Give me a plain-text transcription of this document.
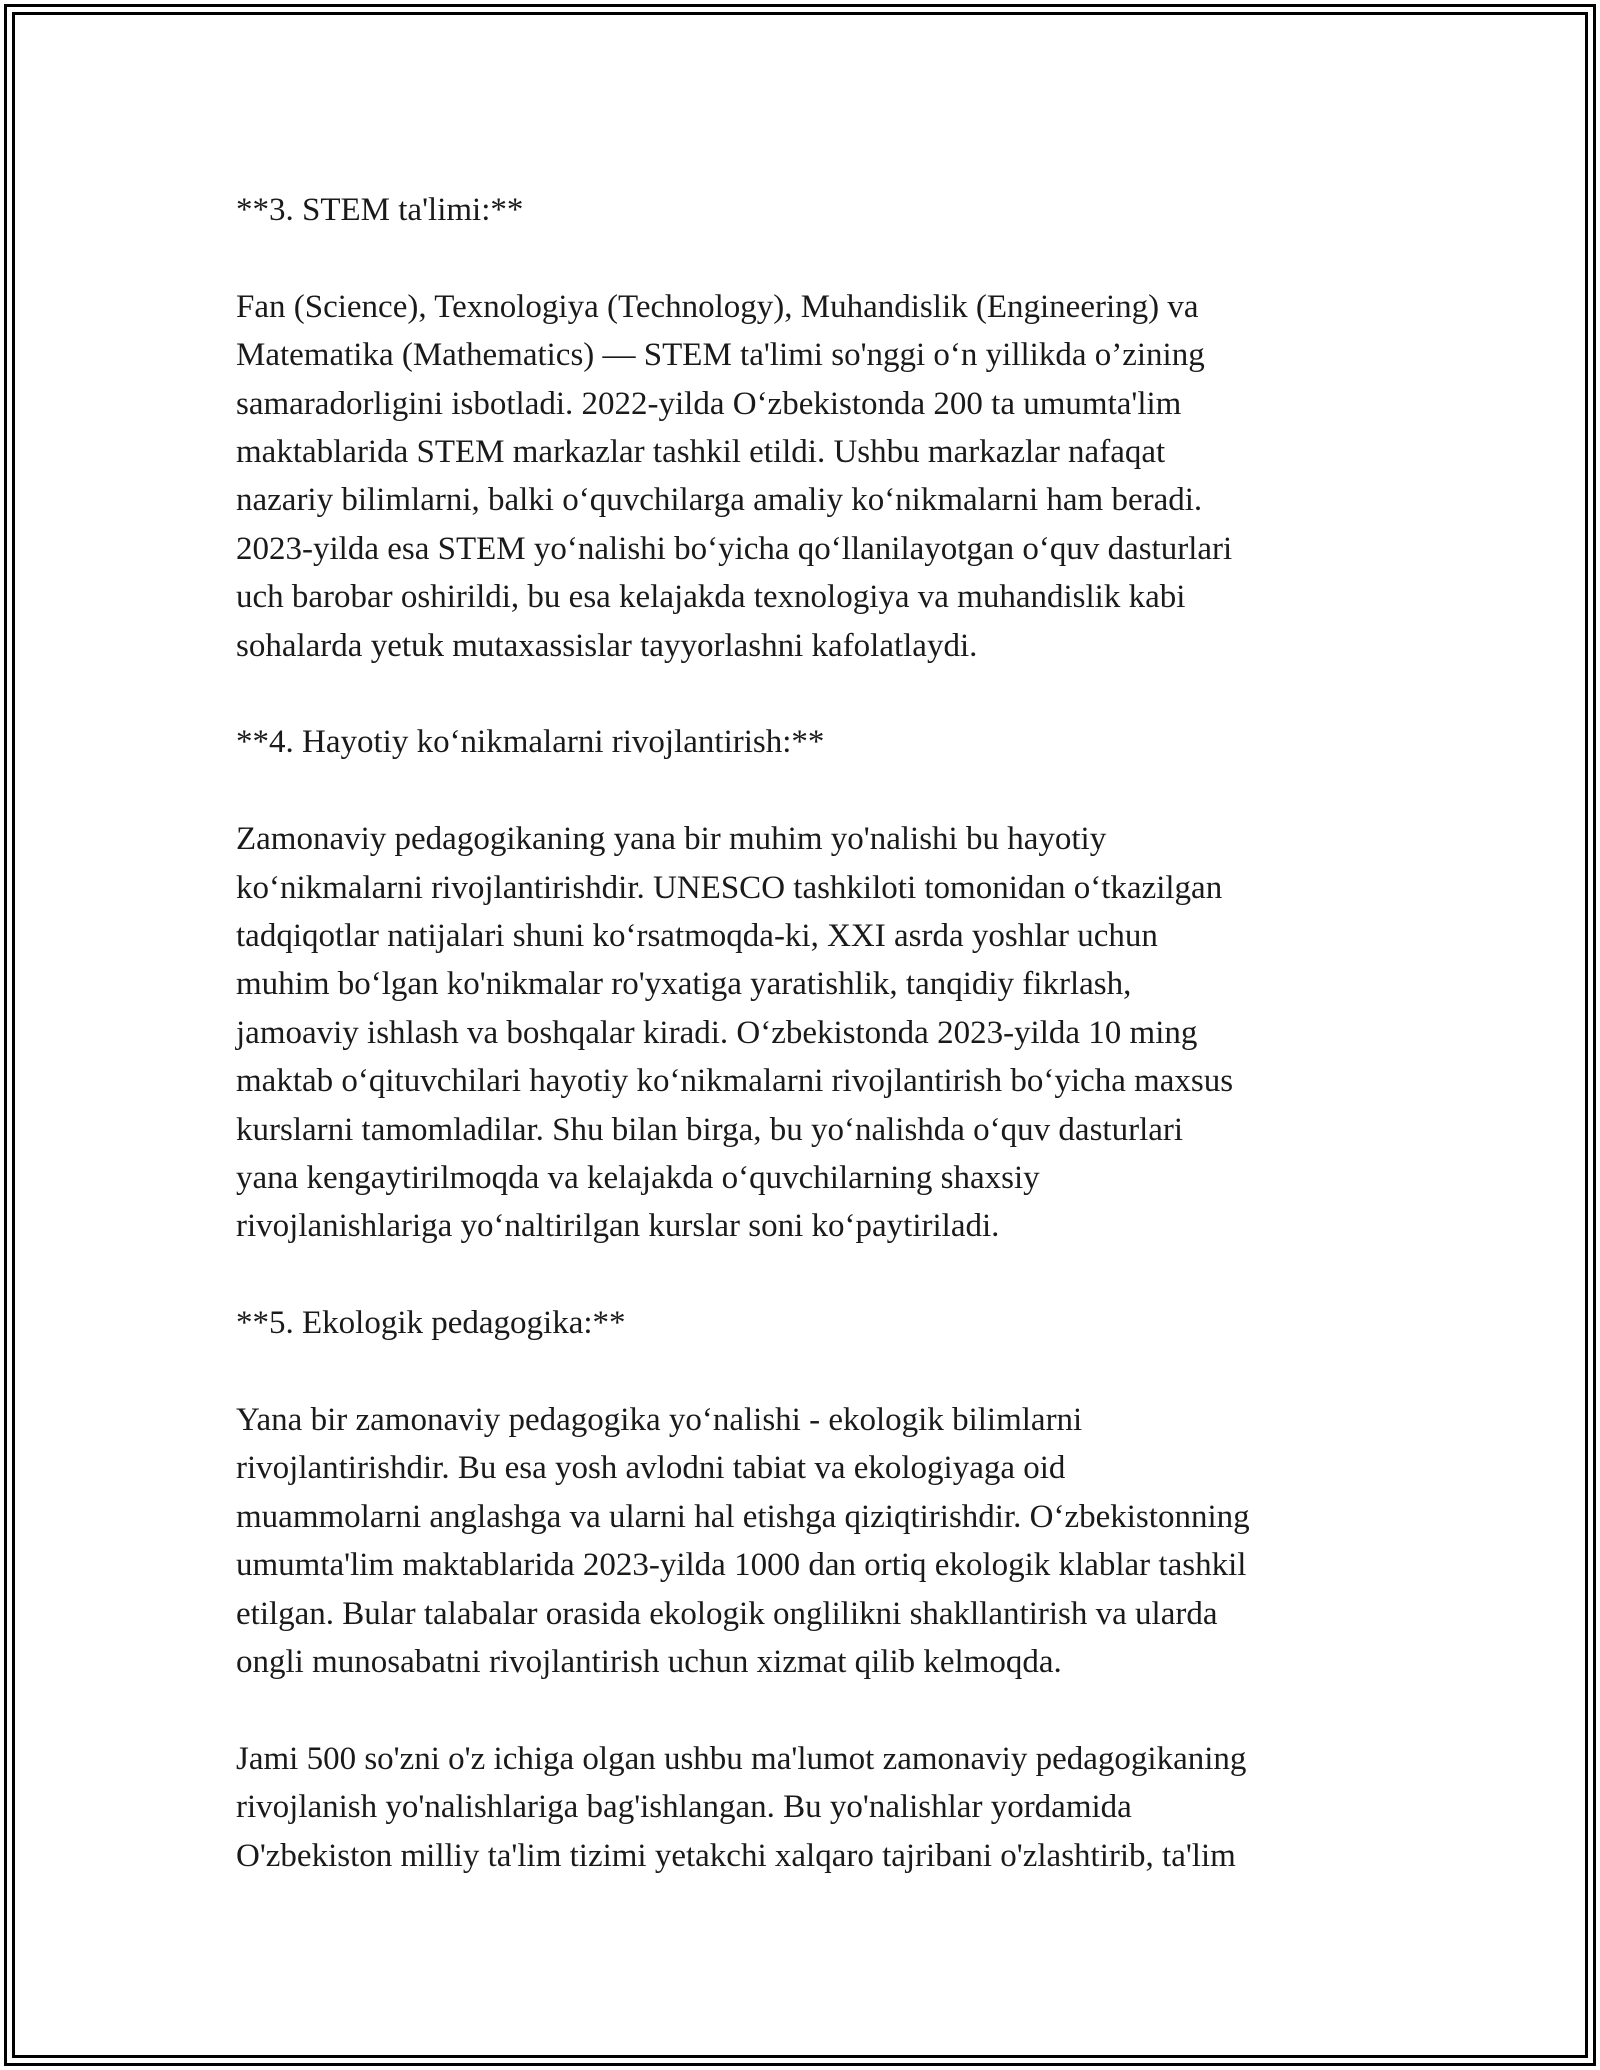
**3. STEM ta'limi:**

Fan (Science), Texnologiya (Technology), Muhandislik (Engineering) va
Matematika (Mathematics) — STEM ta'limi so'nggi o‘n yillikda o’zining
samaradorligini isbotladi. 2022-yilda O‘zbekistonda 200 ta umumta'lim
maktablarida STEM markazlar tashkil etildi. Ushbu markazlar nafaqat
nazariy bilimlarni, balki o‘quvchilarga amaliy ko‘nikmalarni ham beradi.
2023-yilda esa STEM yo‘nalishi bo‘yicha qo‘llanilayotgan o‘quv dasturlari
uch barobar oshirildi, bu esa kelajakda texnologiya va muhandislik kabi
sohalarda yetuk mutaxassislar tayyorlashni kafolatlaydi.

**4. Hayotiy ko‘nikmalarni rivojlantirish:**

Zamonaviy pedagogikaning yana bir muhim yo'nalishi bu hayotiy
ko‘nikmalarni rivojlantirishdir. UNESCO tashkiloti tomonidan o‘tkazilgan
tadqiqotlar natijalari shuni ko‘rsatmoqda-ki, XXI asrda yoshlar uchun
muhim bo‘lgan ko'nikmalar ro'yxatiga yaratishlik, tanqidiy fikrlash,
jamoaviy ishlash va boshqalar kiradi. O‘zbekistonda 2023-yilda 10 ming
maktab o‘qituvchilari hayotiy ko‘nikmalarni rivojlantirish bo‘yicha maxsus
kurslarni tamomladilar. Shu bilan birga, bu yo‘nalishda o‘quv dasturlari
yana kengaytirilmoqda va kelajakda o‘quvchilarning shaxsiy
rivojlanishlariga yo‘naltirilgan kurslar soni ko‘paytiriladi.

**5. Ekologik pedagogika:**

Yana bir zamonaviy pedagogika yo‘nalishi - ekologik bilimlarni
rivojlantirishdir. Bu esa yosh avlodni tabiat va ekologiyaga oid
muammolarni anglashga va ularni hal etishga qiziqtirishdir. O‘zbekistonning
umumta'lim maktablarida 2023-yilda 1000 dan ortiq ekologik klablar tashkil
etilgan. Bular talabalar orasida ekologik onglilikni shakllantirish va ularda
ongli munosabatni rivojlantirish uchun xizmat qilib kelmoqda.

Jami 500 so'zni o'z ichiga olgan ushbu ma'lumot zamonaviy pedagogikaning
rivojlanish yo'nalishlariga bag'ishlangan. Bu yo'nalishlar yordamida
O'zbekiston milliy ta'lim tizimi yetakchi xalqaro tajribani o'zlashtirib, ta'lim
